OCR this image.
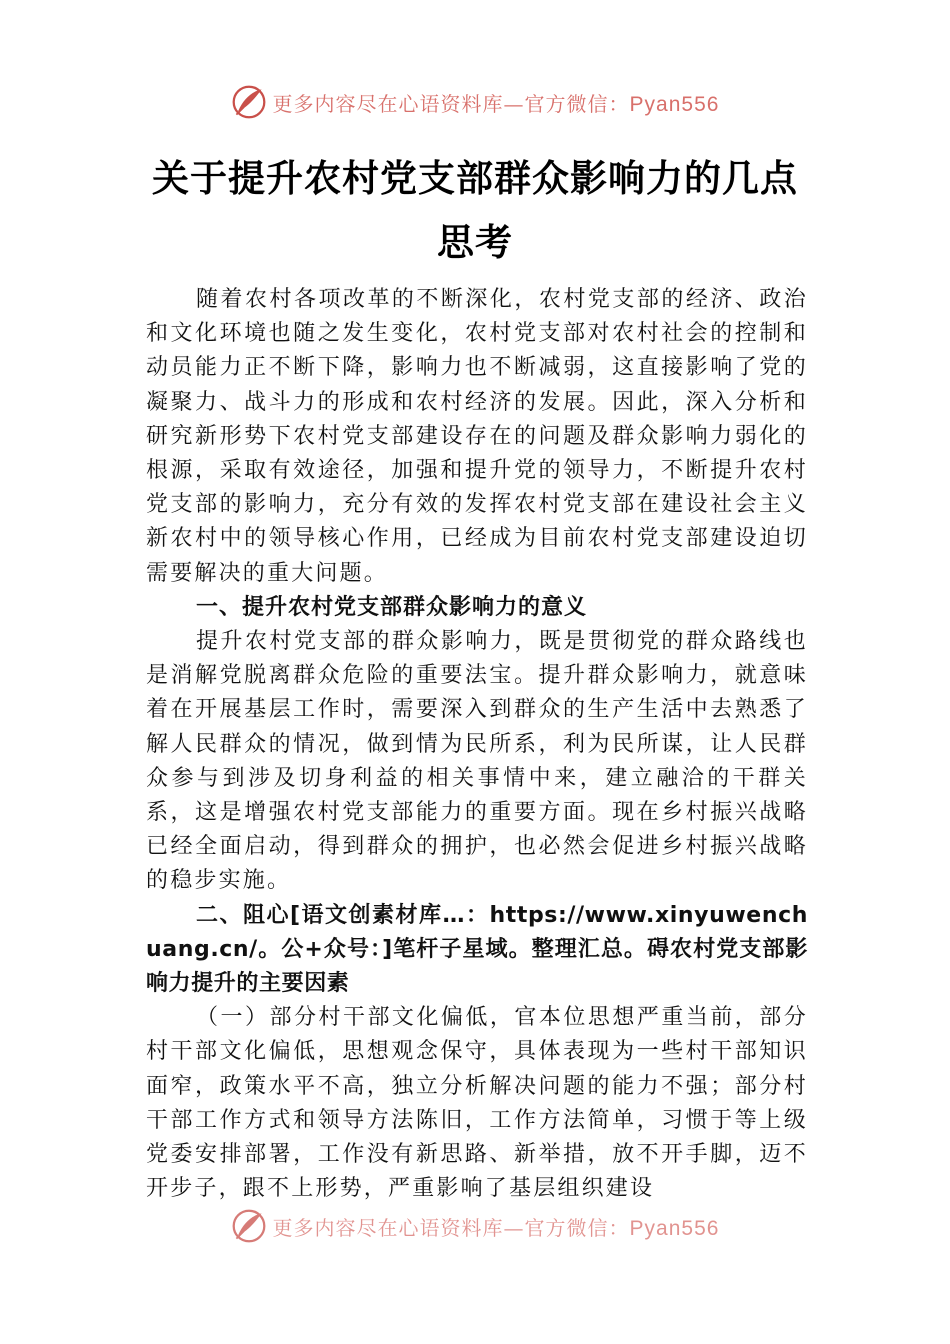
更多内容尽在心语资料库—官方微信：Pyan556
关于提升农村党支部群众影响力的几点思考

随着农村各项改革的不断深化，农村党支部的经济、政治和文化环境也随之发生变化，农村党支部对农村社会的控制和动员能力正不断下降，影响力也不断减弱，这直接影响了党的凝聚力、战斗力的形成和农村经济的发展。因此，深入分析和研究新形势下农村党支部建设存在的问题及群众影响力弱化的根源，采取有效途径，加强和提升党的领导力，不断提升农村党支部的影响力，充分有效的发挥农村党支部在建设社会主义新农村中的领导核心作用，已经成为目前农村党支部建设迫切需要解决的重大问题。

一、提升农村党支部群众影响力的意义

提升农村党支部的群众影响力，既是贯彻党的群众路线也是消解党脱离群众危险的重要法宝。提升群众影响力，就意味着在开展基层工作时，需要深入到群众的生产生活中去熟悉了解人民群众的情况，做到情为民所系，利为民所谋，让人民群众参与到涉及切身利益的相关事情中来，建立融洽的干群关系，这是增强农村党支部能力的重要方面。现在乡村振兴战略已经全面启动，得到群众的拥护，也必然会促进乡村振兴战略的稳步实施。

二、阻心[语文创素材库…：https://www.xinyuwenchuang.cn/。公+众号：]笔杆子星域。整理汇总。碍农村党支部影响力提升的主要因素

（一）部分村干部文化偏低，官本位思想严重当前，部分村干部文化偏低，思想观念保守，具体表现为一些村干部知识面窄，政策水平不高，独立分析解决问题的能力不强；部分村干部工作方式和领导方法陈旧，工作方法简单，习惯于等上级党委安排部署，工作没有新思路、新举措，放不开手脚，迈不开步子，跟不上形势，严重影响了基层组织建设

更多内容尽在心语资料库—官方微信：Pyan556
